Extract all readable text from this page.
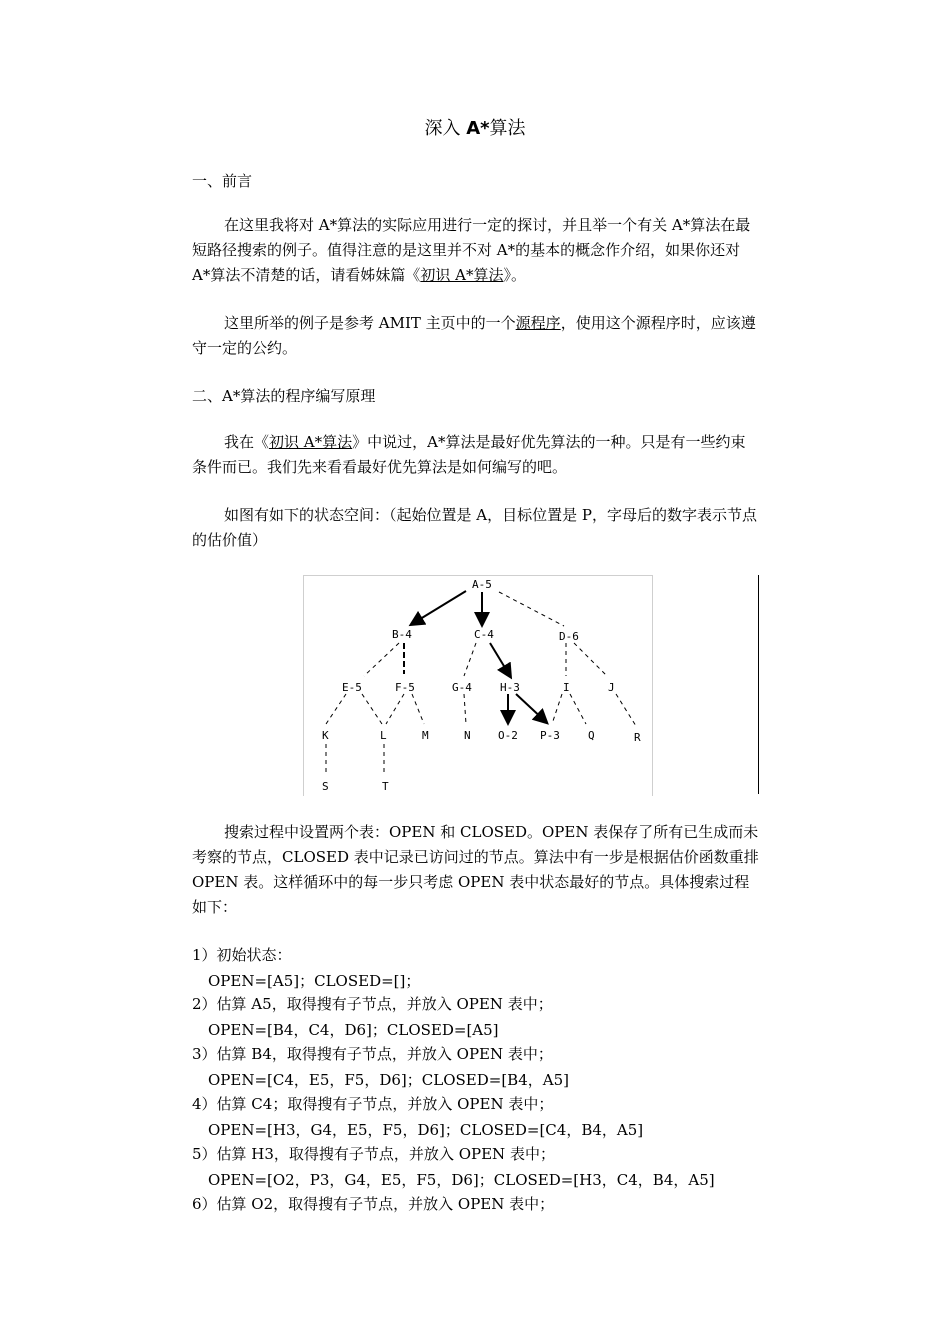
深入 A*算法
一、前言
在这里我将对 A*算法的实际应用进行一定的探讨，并且举一个有关 A*算法在最短路径搜索的例子。值得注意的是这里并不对 A*的基本的概念作介绍，如果你还对 A*算法不清楚的话，请看姊妹篇《初识 A*算法》。
这里所举的例子是参考 AMIT 主页中的一个源程序，使用这个源程序时，应该遵守一定的公约。
二、A*算法的程序编写原理
我在《初识 A*算法》中说过，A*算法是最好优先算法的一种。只是有一些约束条件而已。我们先来看看最好优先算法是如何编写的吧。
如图有如下的状态空间：（起始位置是 A，目标位置是 P，字母后的数字表示节点的估价值）
A-5
B-4	C-4	D-6
E-5	F-5	G-4	H-3	I	J
K	L	M	N O-2 P-3	Q	R
S	T
搜索过程中设置两个表：OPEN 和 CLOSED。OPEN 表保存了所有已生成而未考察的节点，CLOSED 表中记录已访问过的节点。算法中有一步是根据估价函数重排 OPEN 表。这样循环中的每一步只考虑 OPEN 表中状态最好的节点。具体搜索过程如下：
1）初始状态：
OPEN=[A5]；CLOSED=[]；
2）估算 A5，取得搜有子节点，并放入 OPEN 表中；
OPEN=[B4，C4，D6]；CLOSED=[A5]
3）估算 B4，取得搜有子节点，并放入 OPEN 表中；
OPEN=[C4，E5，F5，D6]；CLOSED=[B4，A5]
4）估算 C4；取得搜有子节点，并放入 OPEN 表中；
OPEN=[H3，G4，E5，F5，D6]；CLOSED=[C4，B4，A5]
5）估算 H3，取得搜有子节点，并放入 OPEN 表中；
OPEN=[O2，P3，G4，E5，F5，D6]；CLOSED=[H3，C4，B4，A5]
6）估算 O2，取得搜有子节点，并放入 OPEN 表中；
